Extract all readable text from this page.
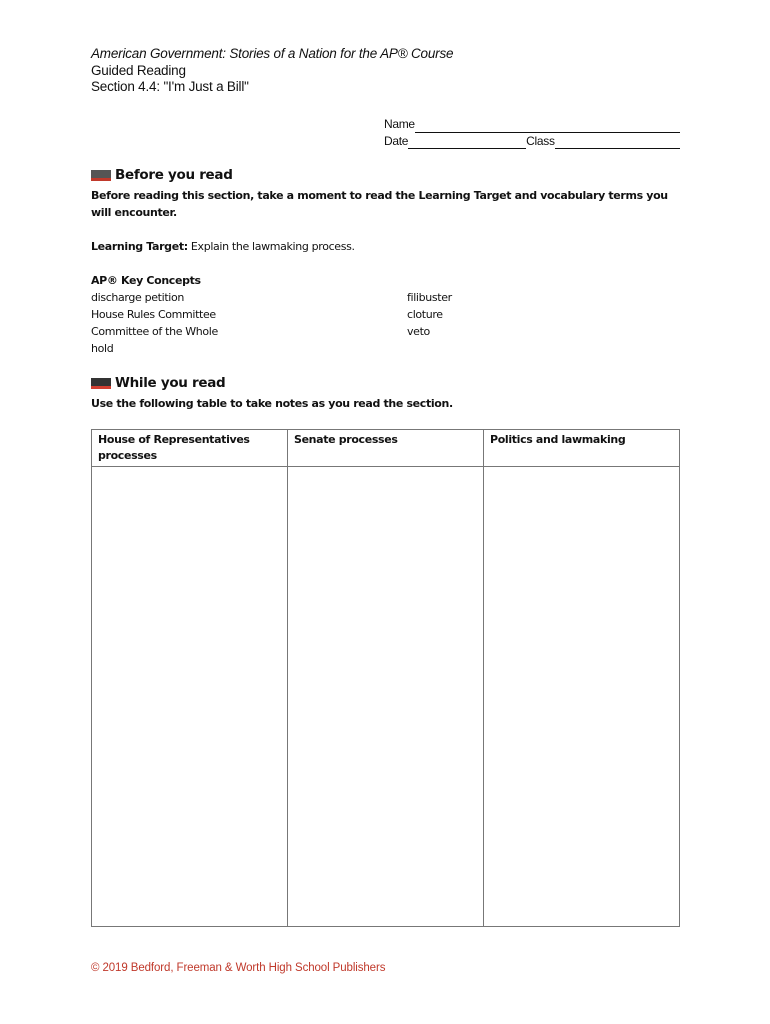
American Government: Stories of a Nation for the AP® Course
Guided Reading
Section 4.4: "I'm Just a Bill"
Name
Date	Class
Before you read
Before reading this section, take a moment to read the Learning Target and vocabulary terms you will encounter.
Learning Target: Explain the lawmaking process.
AP® Key Concepts
discharge petition
House Rules Committee
Committee of the Whole
hold
filibuster
cloture
veto
While you read
Use the following table to take notes as you read the section.
House of Representatives processes	Senate processes	Politics and lawmaking

© 2019 Bedford, Freeman & Worth High School Publishers
